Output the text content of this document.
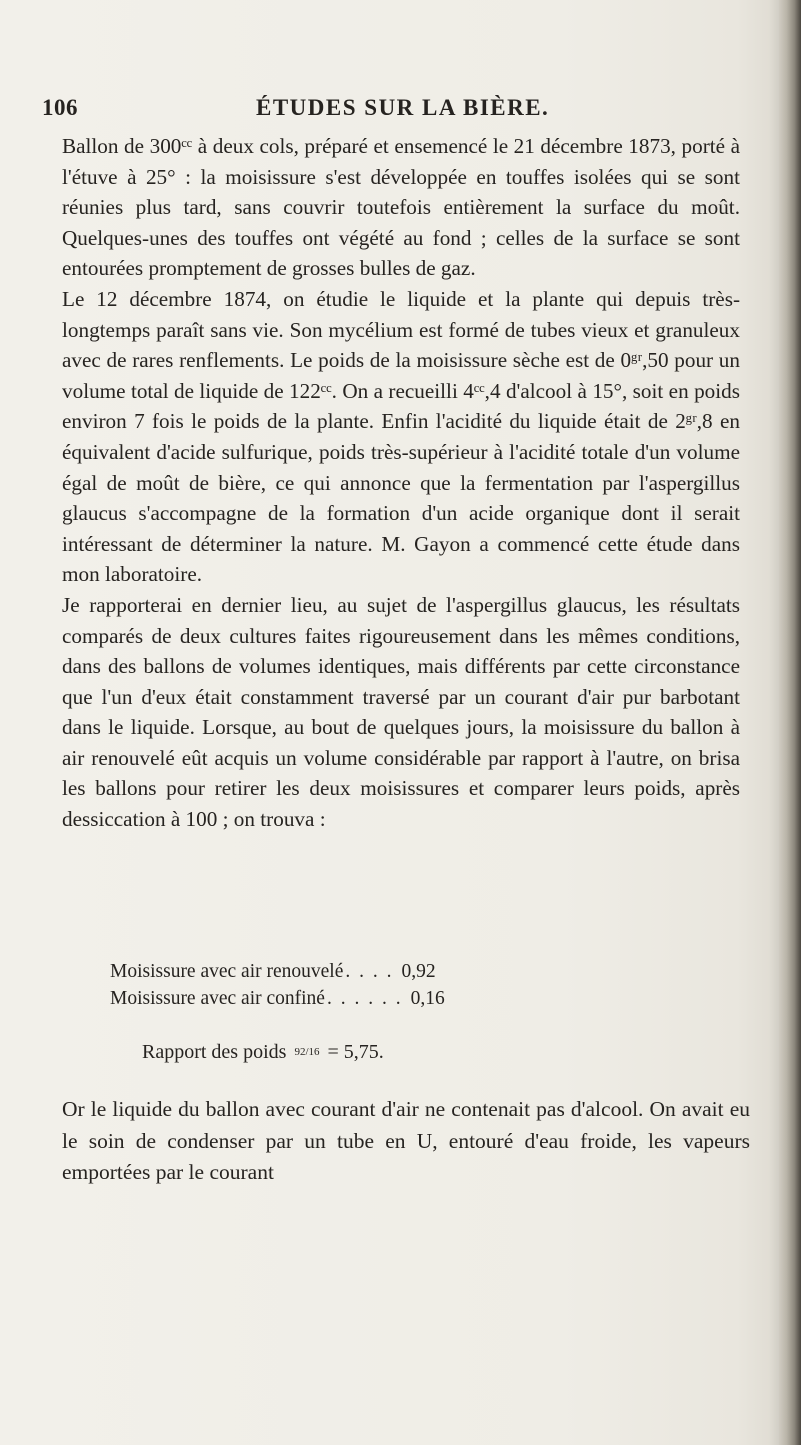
106	ÉTUDES SUR LA BIÈRE.

Ballon de 300ᶜᶜ à deux cols, préparé et ensemencé le 21 décembre 1873, porté à l'étuve à 25° : la moisissure s'est développée en touffes isolées qui se sont réunies plus tard, sans couvrir toutefois entièrement la surface du moût. Quelques-unes des touffes ont végété au fond ; celles de la surface se sont entourées promptement de grosses bulles de gaz.

Le 12 décembre 1874, on étudie le liquide et la plante qui depuis très-longtemps paraît sans vie. Son mycélium est formé de tubes vieux et granuleux avec de rares renflements. Le poids de la moisissure sèche est de 0ᵍʳ,50 pour un volume total de liquide de 122ᶜᶜ. On a recueilli 4ᶜᶜ,4 d'alcool à 15°, soit en poids environ 7 fois le poids de la plante. Enfin l'acidité du liquide était de 2ᵍʳ,8 en équivalent d'acide sulfurique, poids très-supérieur à l'acidité totale d'un volume égal de moût de bière, ce qui annonce que la fermentation par l'aspergillus glaucus s'accompagne de la formation d'un acide organique dont il serait intéressant de déterminer la nature. M. Gayon a commencé cette étude dans mon laboratoire.

Je rapporterai en dernier lieu, au sujet de l'aspergillus glaucus, les résultats comparés de deux cultures faites rigoureusement dans les mêmes conditions, dans des ballons de volumes identiques, mais différents par cette circonstance que l'un d'eux était constamment traversé par un courant d'air pur barbotant dans le liquide. Lorsque, au bout de quelques jours, la moisissure du ballon à air renouvelé eût acquis un volume considérable par rapport à l'autre, on brisa les ballons pour retirer les deux moisissures et comparer leurs poids, après dessiccation à 100 ; on trouva :

Moisissure avec air renouvelé . . . . 0,92
Moisissure avec air confiné . . . . . . 0,16
Rapport des poids 92/16 = 5,75.

Or le liquide du ballon avec courant d'air ne contenait pas d'alcool. On avait eu le soin de condenser par un tube en U, entouré d'eau froide, les vapeurs emportées par le courant
